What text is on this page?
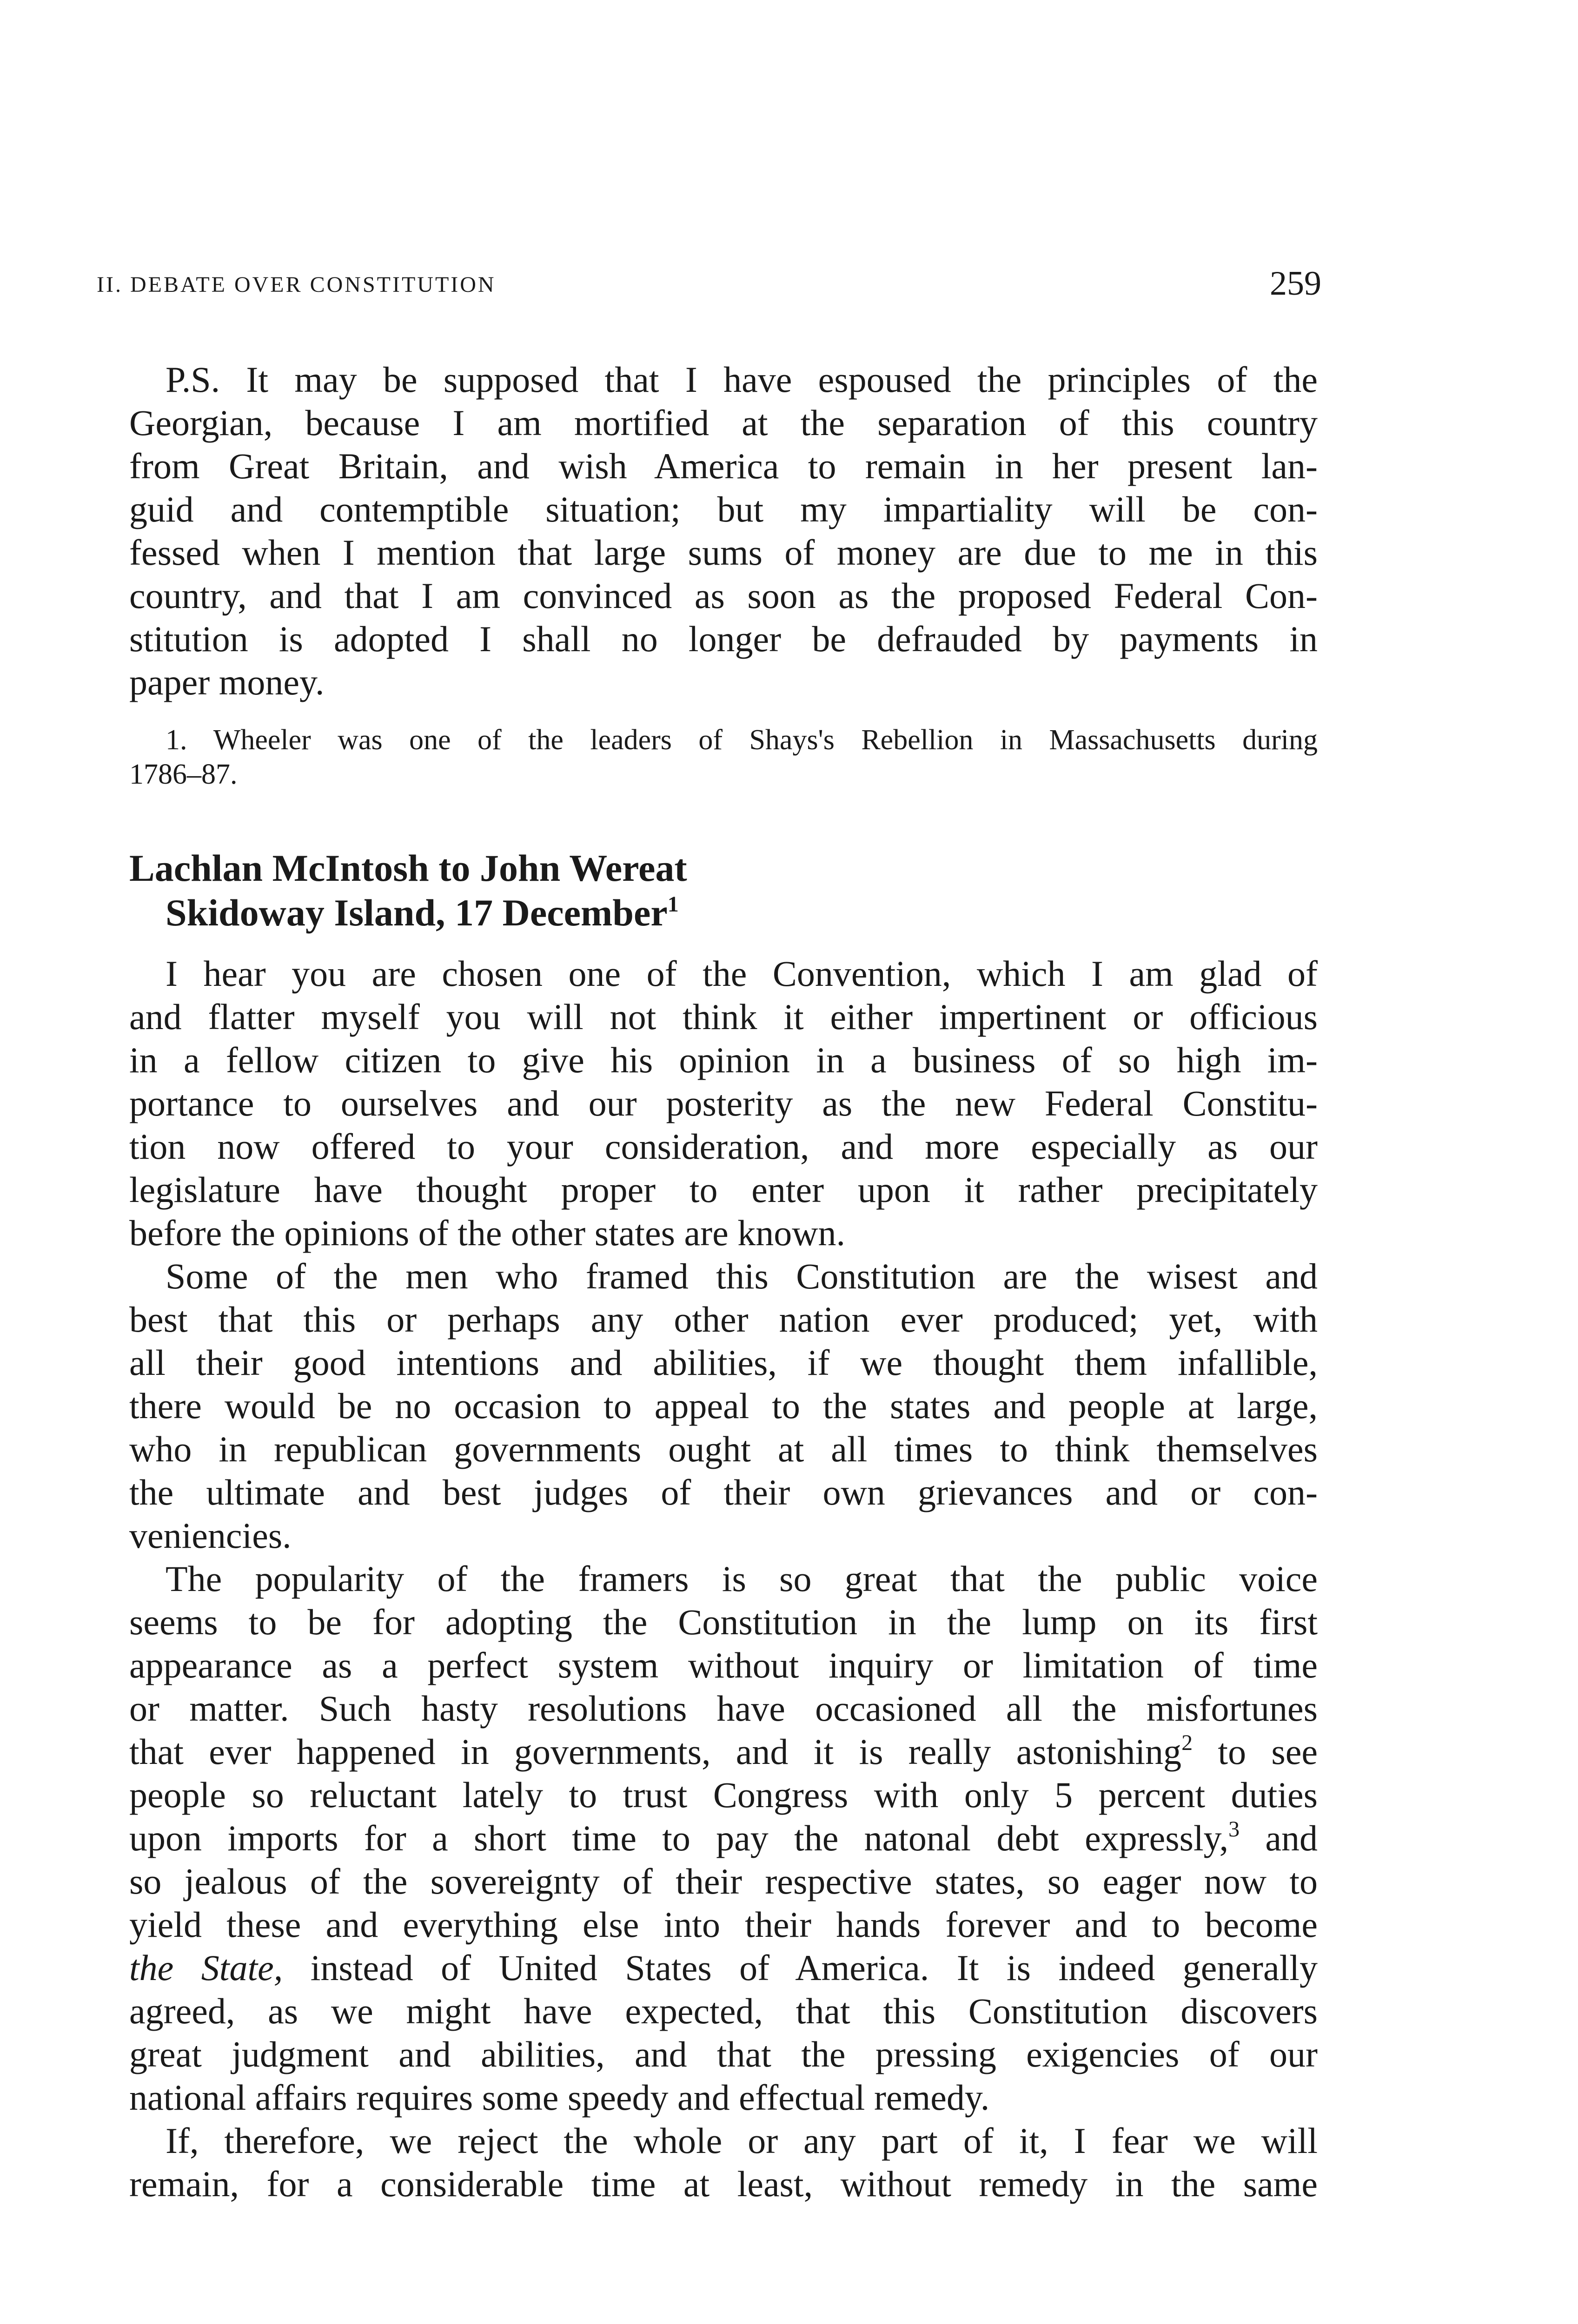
II. DEBATE OVER CONSTITUTION	259
P.S. It may be supposed that I have espoused the principles of the
Georgian, because I am mortified at the separation of this country
from Great Britain, and wish America to remain in her present lan-
guid and contemptible situation; but my impartiality will be con-
fessed when I mention that large sums of money are due to me in this
country, and that I am convinced as soon as the proposed Federal Con-
stitution is adopted I shall no longer be defrauded by payments in
paper money.
1. Wheeler was one of the leaders of Shays's Rebellion in Massachusetts during
1786–87.
Lachlan McIntosh to John Wereat
Skidoway Island, 17 December$^1$
I hear you are chosen one of the Convention, which I am glad of
and flatter myself you will not think it either impertinent or officious
in a fellow citizen to give his opinion in a business of so high im-
portance to ourselves and our posterity as the new Federal Constitu-
tion now offered to your consideration, and more especially as our
legislature have thought proper to enter upon it rather precipitately
before the opinions of the other states are known.
Some of the men who framed this Constitution are the wisest and
best that this or perhaps any other nation ever produced; yet, with
all their good intentions and abilities, if we thought them infallible,
there would be no occasion to appeal to the states and people at large,
who in republican governments ought at all times to think themselves
the ultimate and best judges of their own grievances and or con-
veniencies.
The popularity of the framers is so great that the public voice
seems to be for adopting the Constitution in the lump on its first
appearance as a perfect system without inquiry or limitation of time
or matter. Such hasty resolutions have occasioned all the misfortunes
that ever happened in governments, and it is really astonishing$^2$ to see
people so reluctant lately to trust Congress with only 5 percent duties
upon imports for a short time to pay the natonal debt expressly,$^3$ and
so jealous of the sovereignty of their respective states, so eager now to
yield these and everything else into their hands forever and to become
the State, instead of United States of America. It is indeed generally
agreed, as we might have expected, that this Constitution discovers
great judgment and abilities, and that the pressing exigencies of our
national affairs requires some speedy and effectual remedy.
If, therefore, we reject the whole or any part of it, I fear we will
remain, for a considerable time at least, without remedy in the same
